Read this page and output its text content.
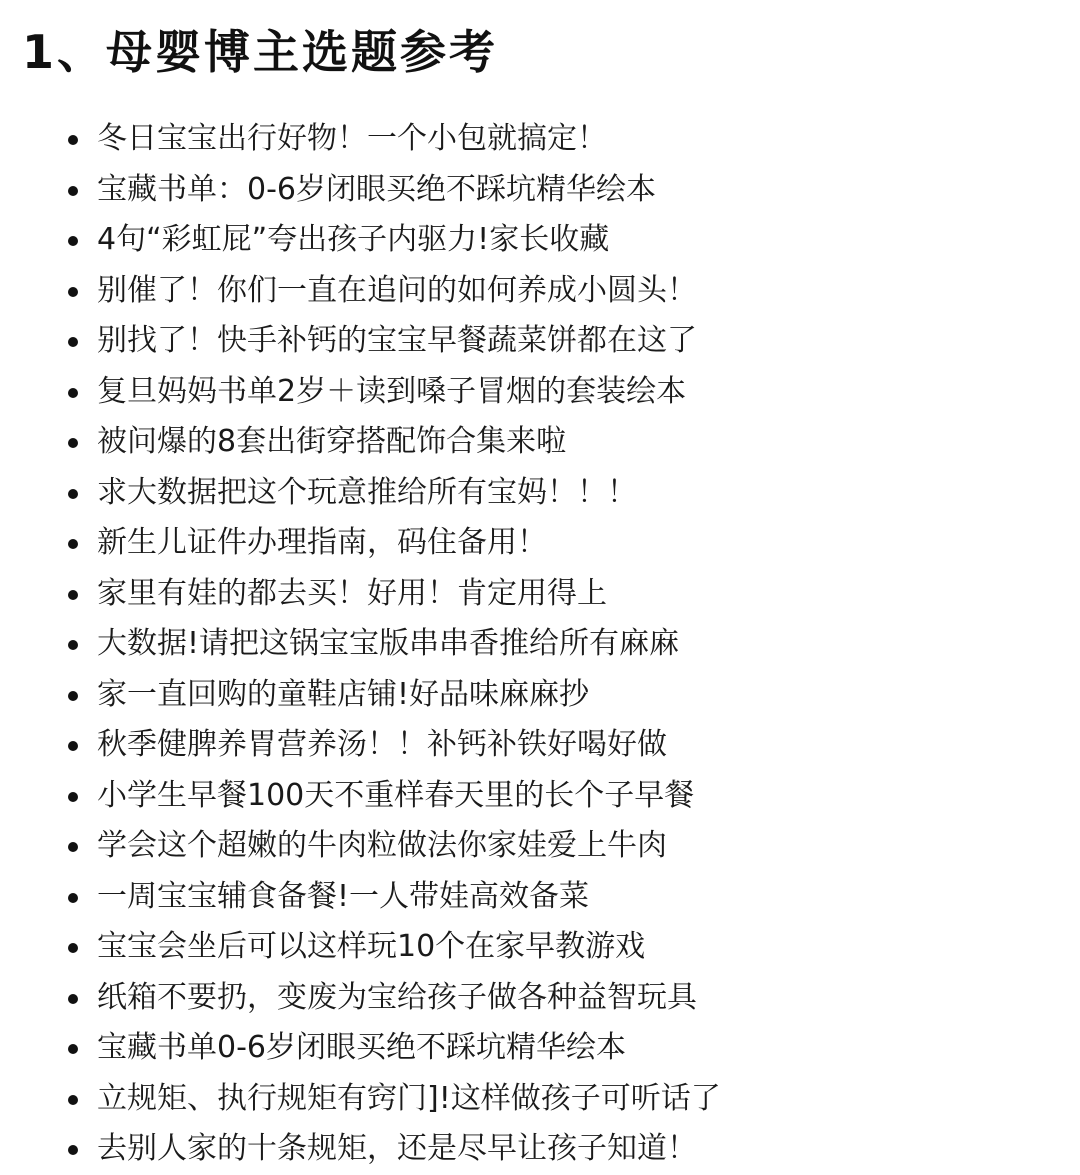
1、母婴博主选题参考
冬日宝宝出行好物！一个小包就搞定！
宝藏书单：0-6岁闭眼买绝不踩坑精华绘本
4句“彩虹屁”夸出孩子内驱力!家长收藏
别催了！你们一直在追问的如何养成小圆头！
别找了！快手补钙的宝宝早餐蔬菜饼都在这了
复旦妈妈书单2岁＋读到嗓子冒烟的套装绘本
被问爆的8套出街穿搭配饰合集来啦
求大数据把这个玩意推给所有宝妈！！！
新生儿证件办理指南，码住备用！
家里有娃的都去买！好用！肯定用得上
大数据!请把这锅宝宝版串串香推给所有麻麻
家一直回购的童鞋店铺!好品味麻麻抄
秋季健脾养胃营养汤！！补钙补铁好喝好做
小学生早餐100天不重样春天里的长个子早餐
学会这个超嫩的牛肉粒做法你家娃爱上牛肉
一周宝宝辅食备餐!一人带娃高效备菜
宝宝会坐后可以这样玩10个在家早教游戏
纸箱不要扔，变废为宝给孩子做各种益智玩具
宝藏书单0-6岁闭眼买绝不踩坑精华绘本
立规矩、执行规矩有窍门]!这样做孩子可听话了
去别人家的十条规矩，还是尽早让孩子知道！
